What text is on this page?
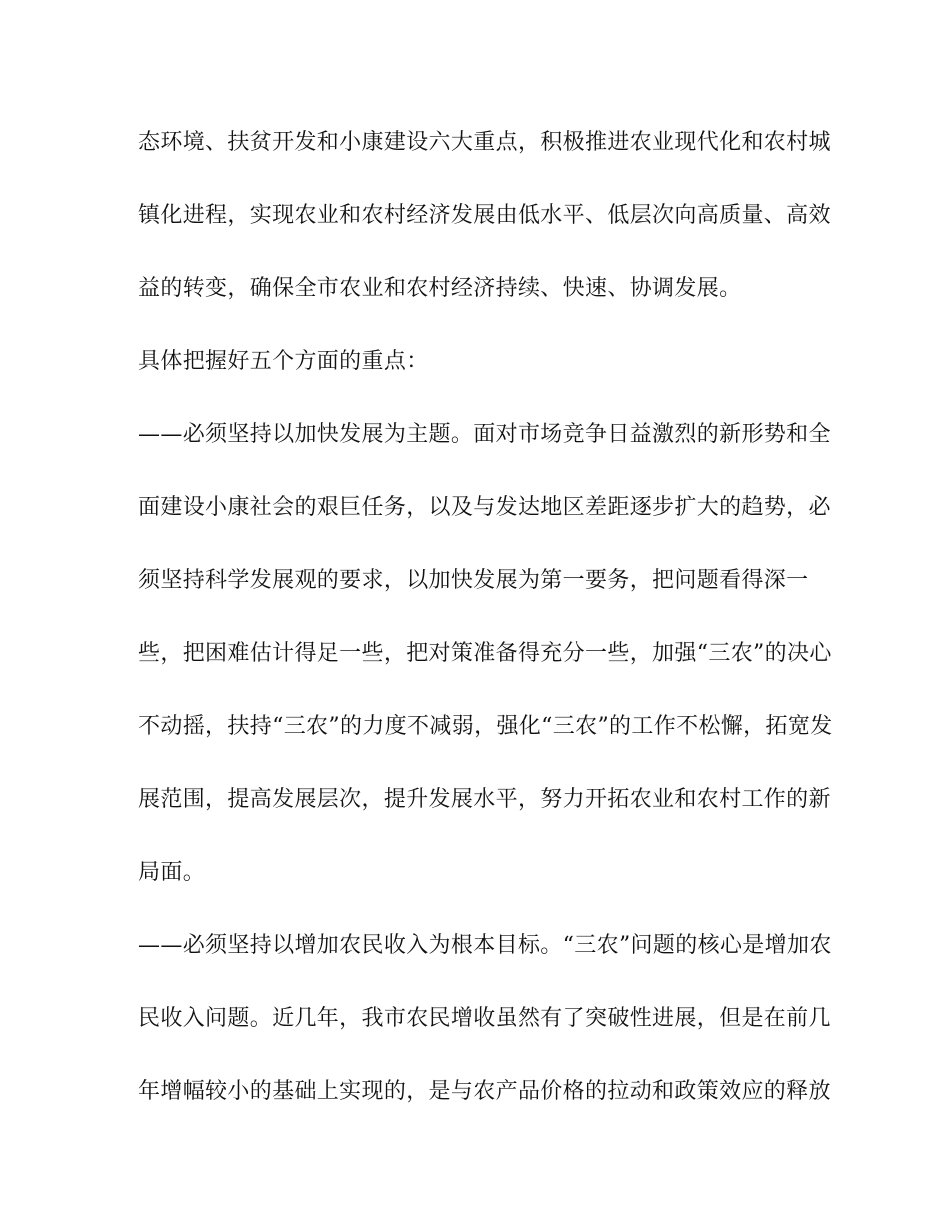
态环境、扶贫开发和小康建设六大重点，积极推进农业现代化和农村城
镇化进程，实现农业和农村经济发展由低水平、低层次向高质量、高效
益的转变，确保全市农业和农村经济持续、快速、协调发展。
具体把握好五个方面的重点：
——必须坚持以加快发展为主题。面对市场竞争日益激烈的新形势和全
面建设小康社会的艰巨任务，以及与发达地区差距逐步扩大的趋势，必
须坚持科学发展观的要求，以加快发展为第一要务，把问题看得深一
些，把困难估计得足一些，把对策准备得充分一些，加强“三农”的决心
不动摇，扶持“三农”的力度不减弱，强化“三农”的工作不松懈，拓宽发
展范围，提高发展层次，提升发展水平，努力开拓农业和农村工作的新
局面。
——必须坚持以增加农民收入为根本目标。“三农”问题的核心是增加农
民收入问题。近几年，我市农民增收虽然有了突破性进展，但是在前几
年增幅较小的基础上实现的，是与农产品价格的拉动和政策效应的释放
